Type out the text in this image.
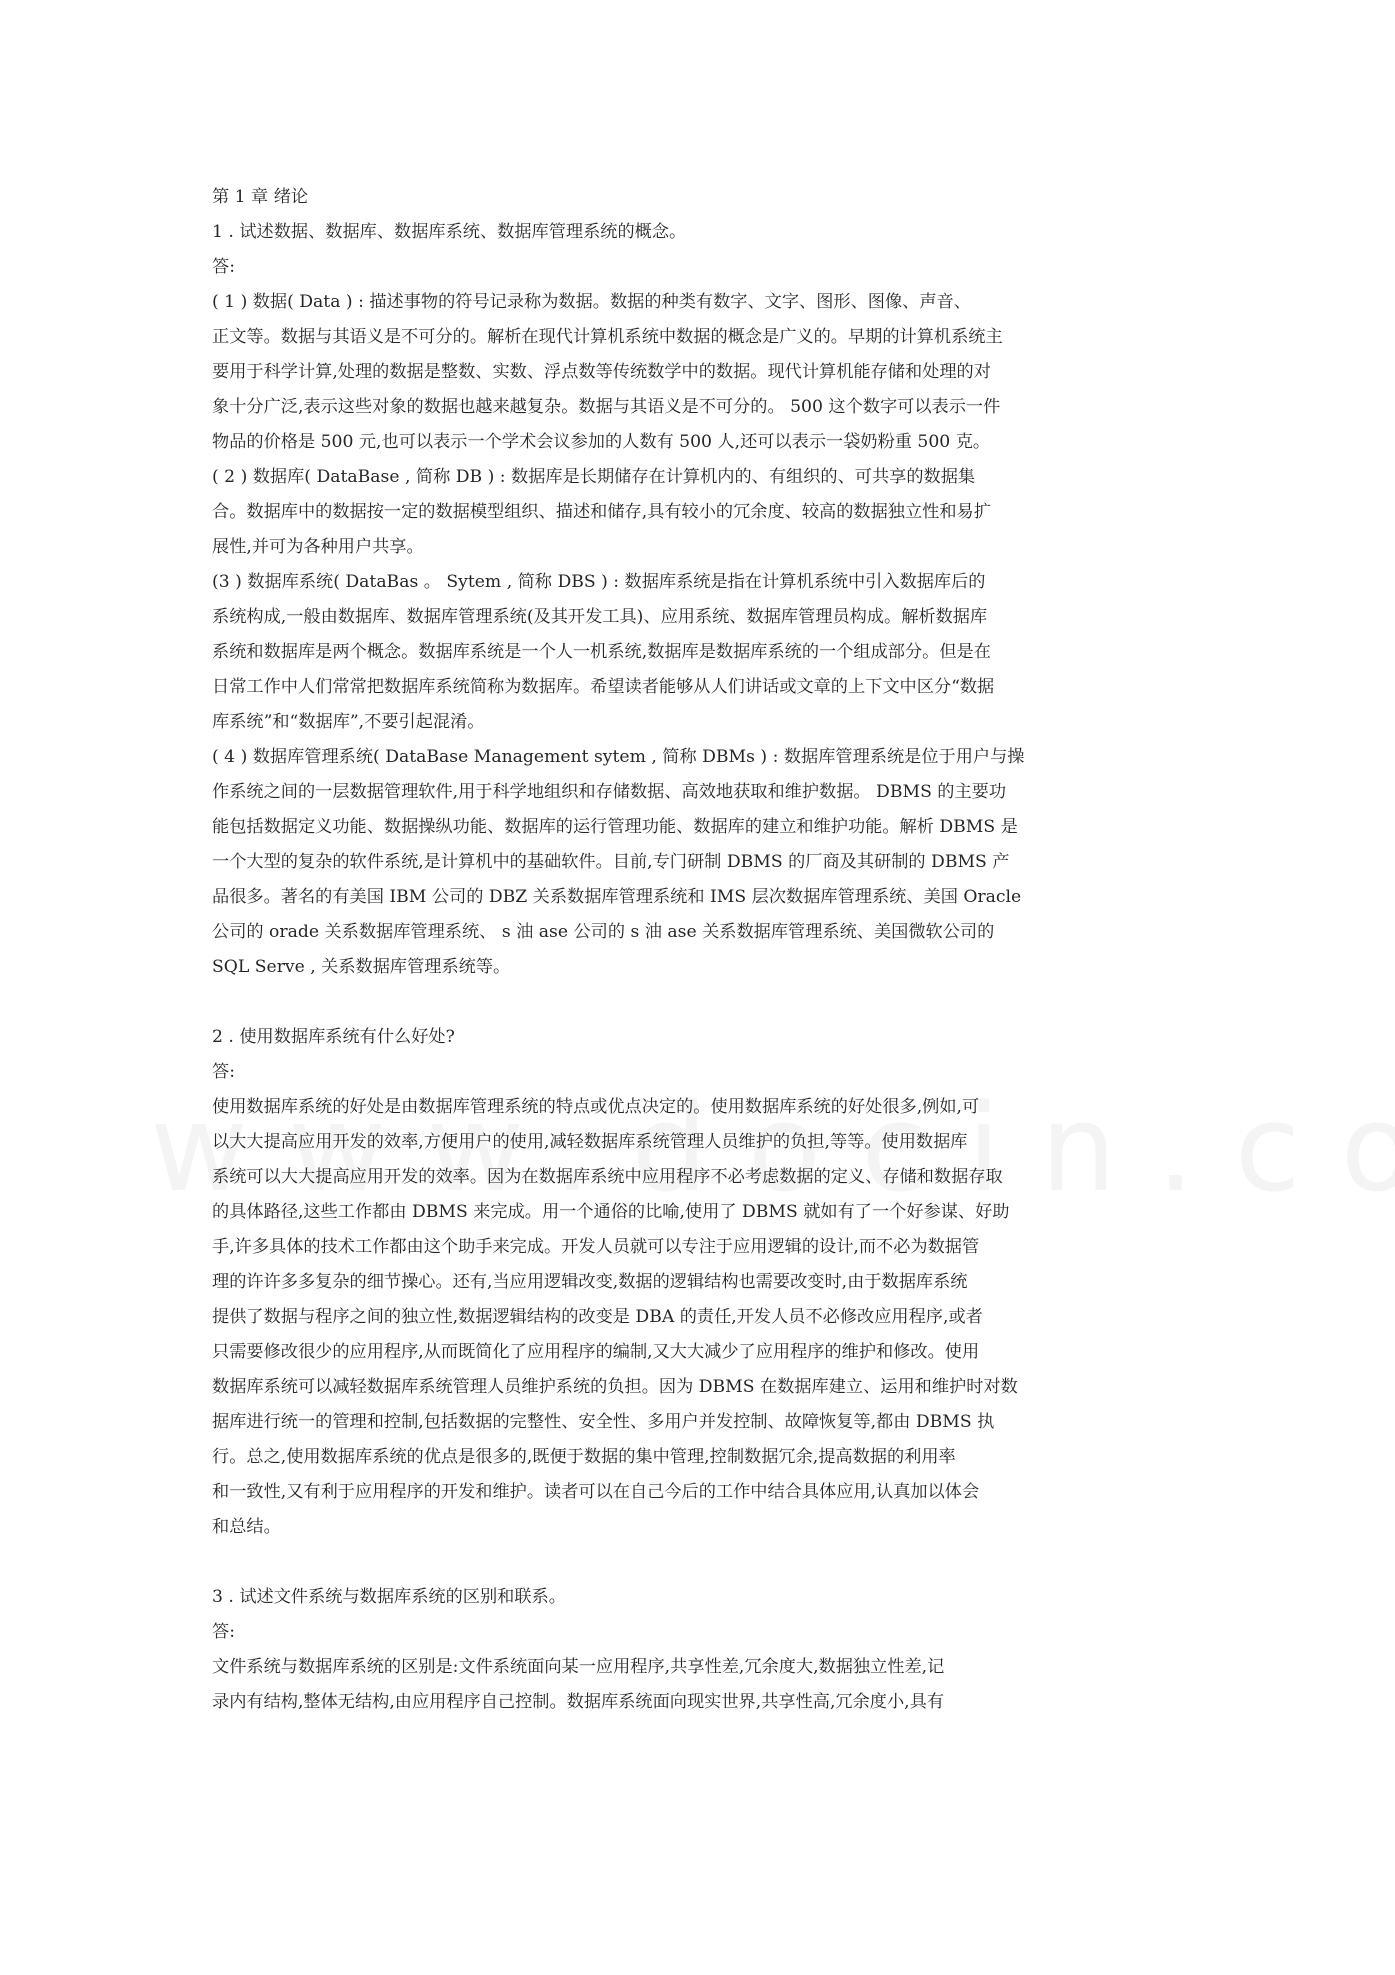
第 1 章 绪论
1 . 试述数据、数据库、数据库系统、数据库管理系统的概念。
答:
( 1 ) 数据( Data ) : 描述事物的符号记录称为数据。数据的种类有数字、文字、图形、图像、声音、
正文等。数据与其语义是不可分的。解析在现代计算机系统中数据的概念是广义的。早期的计算机系统主
要用于科学计算,处理的数据是整数、实数、浮点数等传统数学中的数据。现代计算机能存储和处理的对
象十分广泛,表示这些对象的数据也越来越复杂。数据与其语义是不可分的。 500 这个数字可以表示一件
物品的价格是 500 元,也可以表示一个学术会议参加的人数有 500 人,还可以表示一袋奶粉重 500 克。
( 2 ) 数据库( DataBase , 简称 DB ) : 数据库是长期储存在计算机内的、有组织的、可共享的数据集
合。数据库中的数据按一定的数据模型组织、描述和储存,具有较小的冗余度、较高的数据独立性和易扩
展性,并可为各种用户共享。
(3 ) 数据库系统( DataBas 。 Sytem , 简称 DBS ) : 数据库系统是指在计算机系统中引入数据库后的
系统构成,一般由数据库、数据库管理系统(及其开发工具)、应用系统、数据库管理员构成。解析数据库
系统和数据库是两个概念。数据库系统是一个人一机系统,数据库是数据库系统的一个组成部分。但是在
日常工作中人们常常把数据库系统简称为数据库。希望读者能够从人们讲话或文章的上下文中区分“数据
库系统”和“数据库”,不要引起混淆。
( 4 ) 数据库管理系统( DataBase Management sytem , 简称 DBMs ) : 数据库管理系统是位于用户与操
作系统之间的一层数据管理软件,用于科学地组织和存储数据、高效地获取和维护数据。 DBMS 的主要功
能包括数据定义功能、数据操纵功能、数据库的运行管理功能、数据库的建立和维护功能。解析 DBMS 是
一个大型的复杂的软件系统,是计算机中的基础软件。目前,专门研制 DBMS 的厂商及其研制的 DBMS 产
品很多。著名的有美国 IBM 公司的 DBZ 关系数据库管理系统和 IMS 层次数据库管理系统、美国 Oracle
公司的 orade 关系数据库管理系统、 s 油 ase 公司的 s 油 ase 关系数据库管理系统、美国微软公司的
SQL Serve , 关系数据库管理系统等。
2 . 使用数据库系统有什么好处?
答:
使用数据库系统的好处是由数据库管理系统的特点或优点决定的。使用数据库系统的好处很多,例如,可
以大大提高应用开发的效率,方便用户的使用,减轻数据库系统管理人员维护的负担,等等。使用数据库
系统可以大大提高应用开发的效率。因为在数据库系统中应用程序不必考虑数据的定义、存储和数据存取
的具体路径,这些工作都由 DBMS 来完成。用一个通俗的比喻,使用了 DBMS 就如有了一个好参谋、好助
手,许多具体的技术工作都由这个助手来完成。开发人员就可以专注于应用逻辑的设计,而不必为数据管
理的许许多多复杂的细节操心。还有,当应用逻辑改变,数据的逻辑结构也需要改变时,由于数据库系统
提供了数据与程序之间的独立性,数据逻辑结构的改变是 DBA 的责任,开发人员不必修改应用程序,或者
只需要修改很少的应用程序,从而既简化了应用程序的编制,又大大减少了应用程序的维护和修改。使用
数据库系统可以减轻数据库系统管理人员维护系统的负担。因为 DBMS 在数据库建立、运用和维护时对数
据库进行统一的管理和控制,包括数据的完整性、安全性、多用户并发控制、故障恢复等,都由 DBMS 执
行。总之,使用数据库系统的优点是很多的,既便于数据的集中管理,控制数据冗余,提高数据的利用率
和一致性,又有利于应用程序的开发和维护。读者可以在自己今后的工作中结合具体应用,认真加以体会
和总结。
3 . 试述文件系统与数据库系统的区别和联系。
答:
文件系统与数据库系统的区别是:文件系统面向某一应用程序,共享性差,冗余度大,数据独立性差,记
录内有结构,整体无结构,由应用程序自己控制。数据库系统面向现实世界,共享性高,冗余度小,具有
